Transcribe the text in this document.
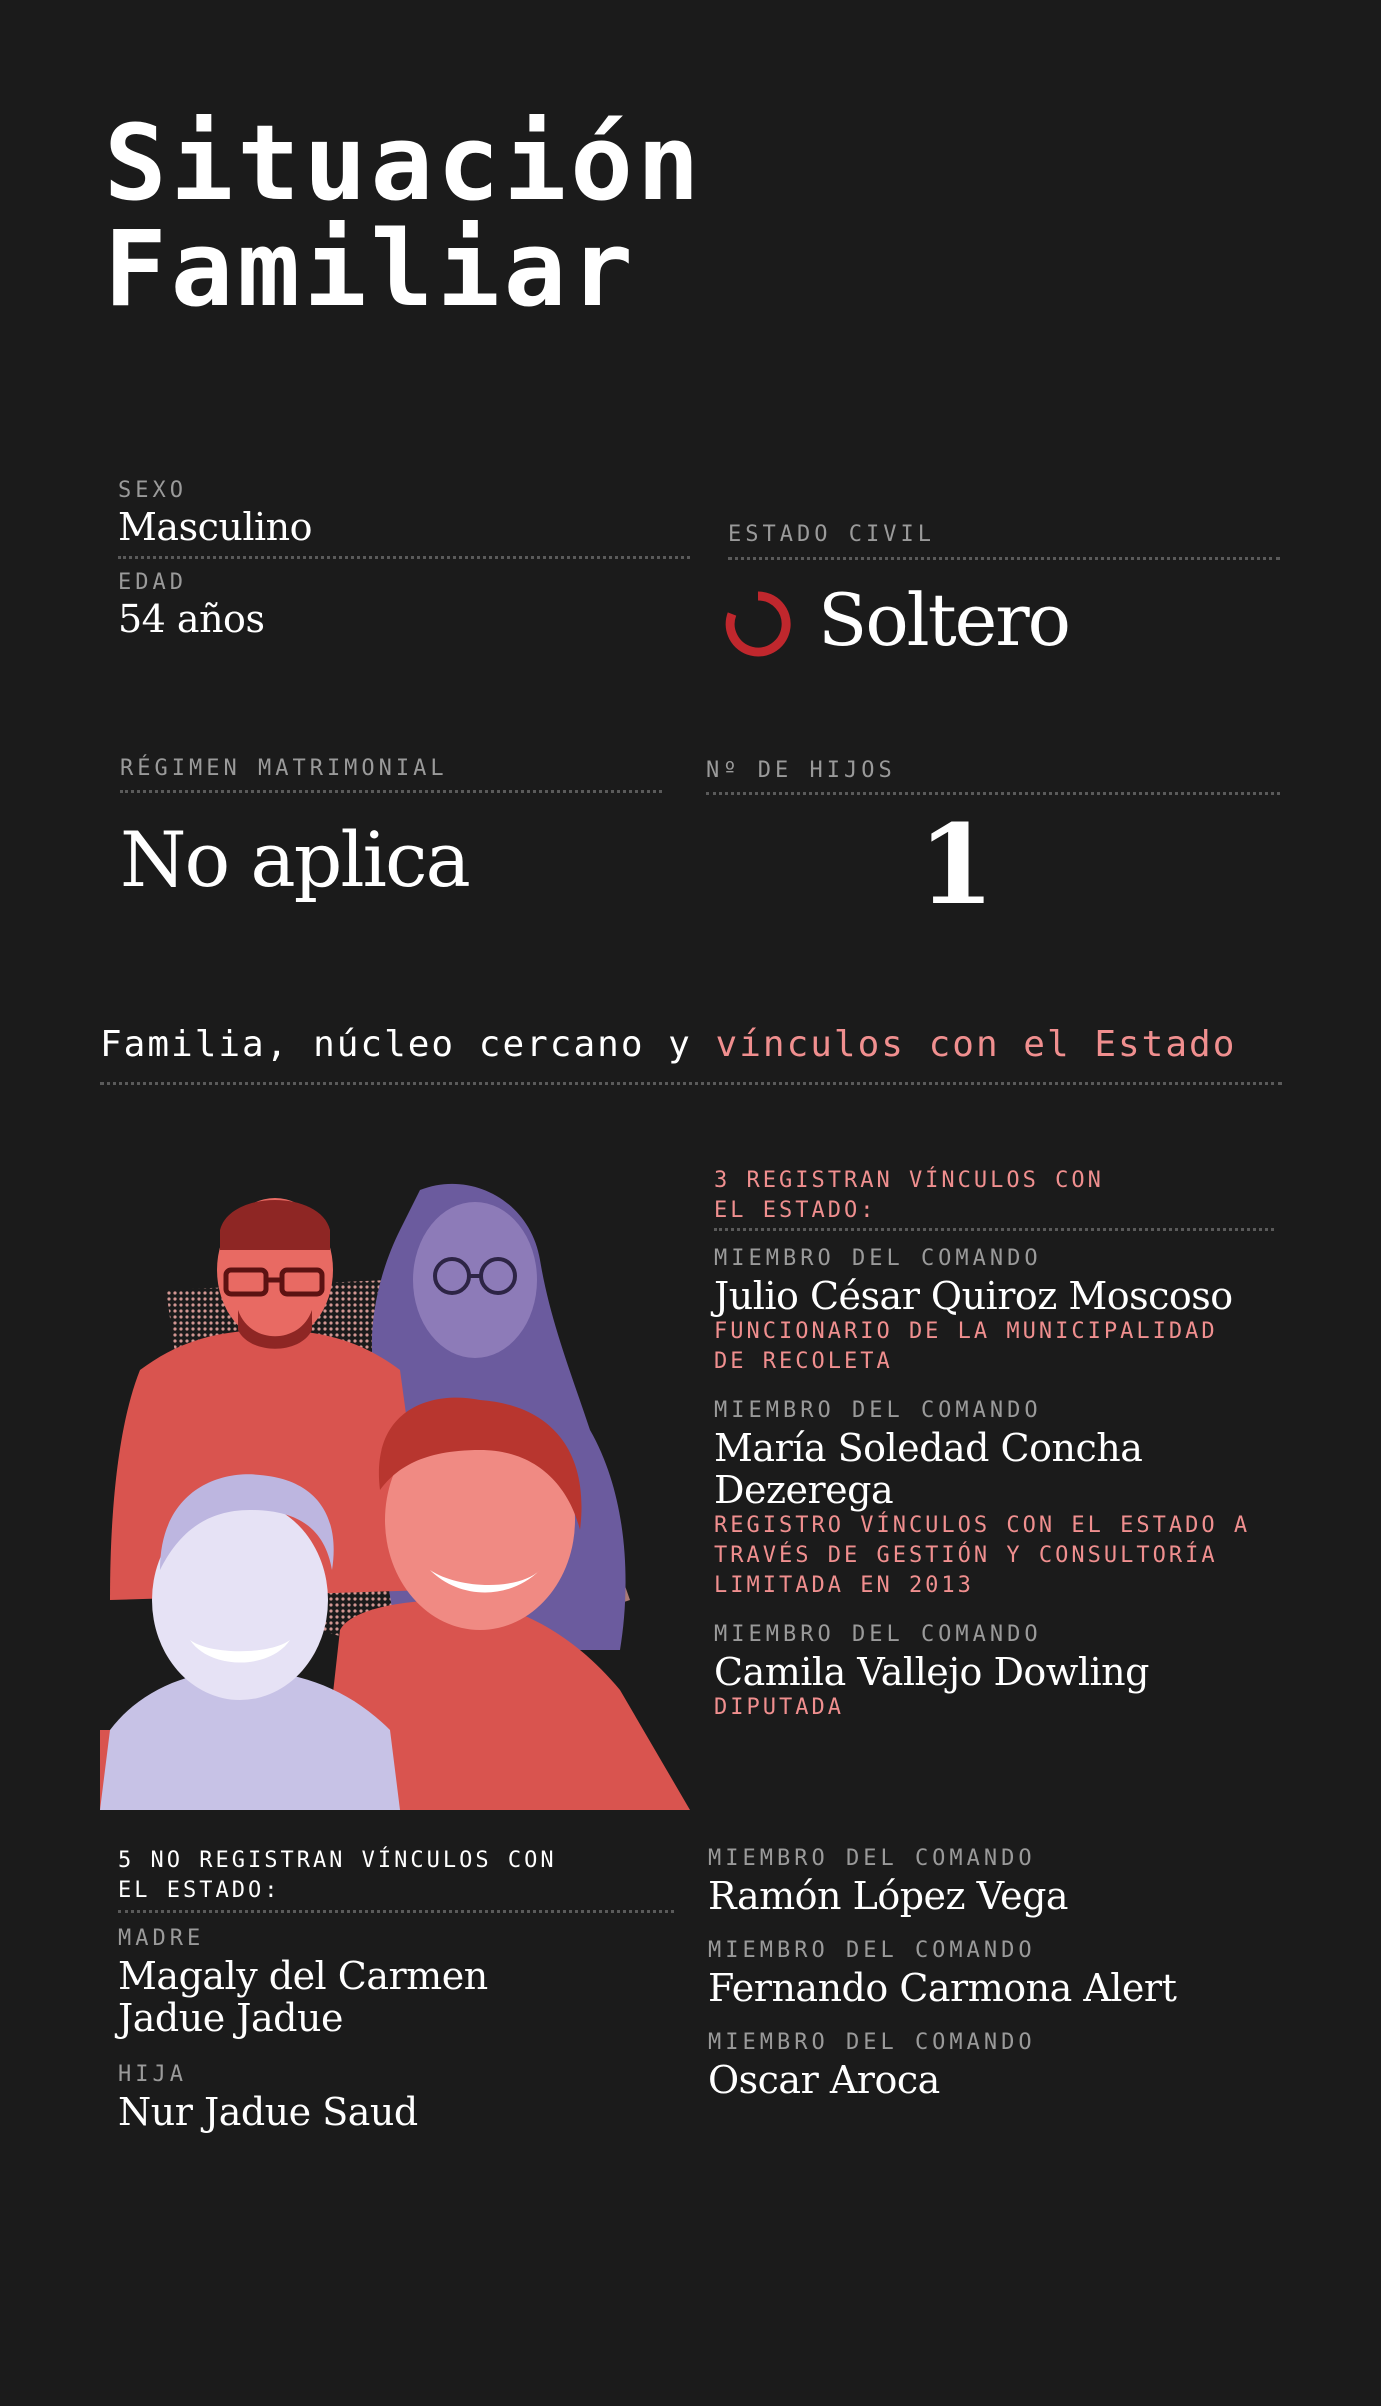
Situación
Familiar
SEXO
Masculino
EDAD
54 años
ESTADO CIVIL
Soltero
RÉGIMEN MATRIMONIAL
No aplica
Nº DE HIJOS
1
Familia, núcleo cercano y vínculos con el Estado
3 REGISTRAN VÍNCULOS CON EL ESTADO:
MIEMBRO DEL COMANDO
Julio César Quiroz Moscoso
FUNCIONARIO DE LA MUNICIPALIDAD DE RECOLETA
MIEMBRO DEL COMANDO
María Soledad Concha Dezerega
REGISTRO VÍNCULOS CON EL ESTADO A TRAVÉS DE GESTIÓN Y CONSULTORÍA LIMITADA EN 2013
MIEMBRO DEL COMANDO
Camila Vallejo Dowling
DIPUTADA
5 NO REGISTRAN VÍNCULOS CON EL ESTADO:
MADRE
Magaly del Carmen Jadue Jadue
HIJA
Nur Jadue Saud
MIEMBRO DEL COMANDO
Ramón López Vega
MIEMBRO DEL COMANDO
Fernando Carmona Alert
MIEMBRO DEL COMANDO
Oscar Aroca
